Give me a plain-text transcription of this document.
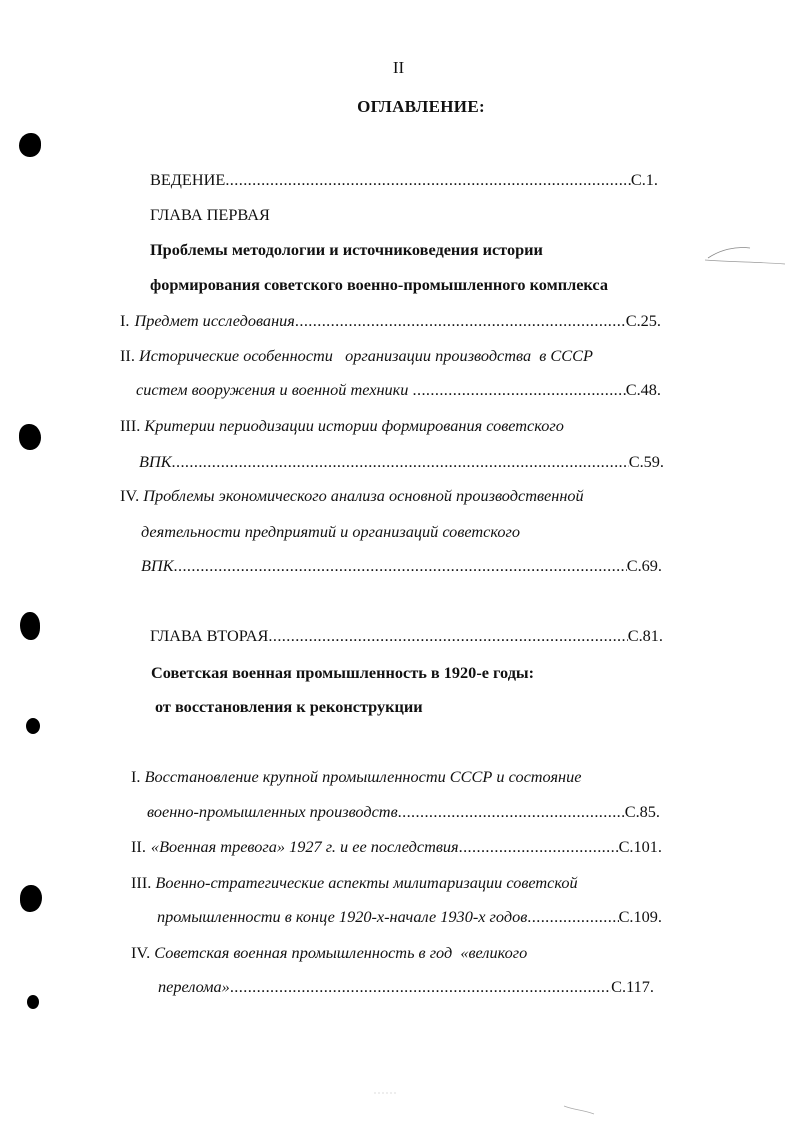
II
ОГЛАВЛЕНИЕ:
ВЕДЕНИЕ .....	С.1.
ГЛАВА ПЕРВАЯ
Проблемы методологии и источниковедения истории
формирования советского военно-промышленного комплекса
I. Предмет исследования .....	С.25.
II. Исторические особенности   организации производства  в СССР
систем вооружения и военной техники .....	С.48.
III. Критерии периодизации истории формирования советского
ВПК .....	С.59.
IV. Проблемы экономического анализа основной производственной
деятельности предприятий и организаций советского
ВПК .....	С.69.
ГЛАВА ВТОРАЯ .....	С.81.
Советская военная промышленность в 1920-е годы:
от восстановления к реконструкции
I. Восстановление крупной промышленности СССР и состояние
военно-промышленных производств .....	С.85.
II. «Военная тревога» 1927 г. и ее последствия .....	С.101.
III. Военно-стратегические аспекты милитаризации советской
промышленности в конце 1920-х-начале 1930-х годов .....	С.109.
IV. Советская военная промышленность в год  «великого
перелома» .....	С.117.
